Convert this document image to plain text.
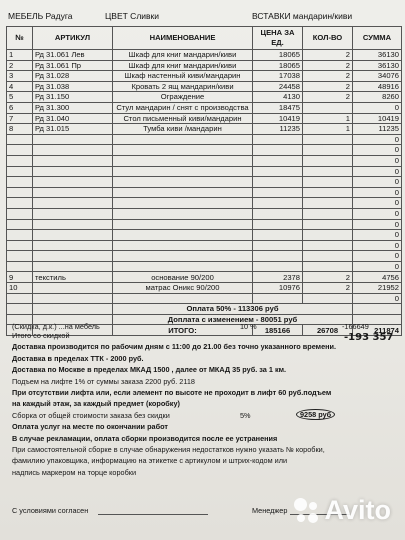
МЕБЕЛЬ Радуга	ЦВЕТ Сливки	ВСТАВКИ мандарин/киви
№	АРТИКУЛ	НАИМЕНОВАНИЕ	ЦЕНА ЗА ЕД.	КОЛ-ВО	СУММА
1	Рд 31.061 Лев	Шкаф для книг мандарин/киви	18065	2	36130
2	Рд 31.061 Пр	Шкаф для книг мандарин/киви	18065	2	36130
3	Рд 31.028	Шкаф настенный киви/мандарин	17038	2	34076
4	Рд 31.038	Кровать 2 ящ мандарин/киви	24458	2	48916
5	Рд 31.150	Ограждение	4130	2	8260
6	Рд 31.300	Стул мандарин / снят с производства	18475		0
7	Рд 31.040	Стол письменный киви/мандарин	10419	1	10419
8	Рд 31.015	Тумба киви /мандарин	11235	1	11235
					0
					0
					0
					0
					0
					0
					0
					0
					0
					0
					0
					0
					0
9	текстиль	основание 90/200	2378	2	4756
10		матрас Оникс 90/200	10976	2	21952
					0
		Оплата 50% - 113306 руб			
		Доплата с изменением - 80051 руб			
		ИТОГО:	185166	26708	211874
(Скидка, д.к.) ...на мебель	10 %	-166649
-193 357
Итого со скидкой
Доставка производится по рабочим дням с 11:00 до 21.00 без точно указанного времени.
Доставка в пределах ТТК - 2000 руб.
Доставка по Москве в пределах МКАД 1500 , далее от МКАД 35 руб. за 1 км.
Подъем на лифте 1% от суммы заказа 2200 руб. 2118
При отсутствии лифта или, если элемент по высоте не проходит в лифт 60 руб.подъем
на каждый этаж, за каждый предмет (коробку)
Сборка от общей стоимости заказа без скидки	5%	9258 руб
Оплата услуг на месте по окончании работ
В случае рекламации, оплата сборки производится после ее устранения
При самостоятельной сборке в случае обнаружения недостатков нужно указать № коробки,
фамилию упаковщика, информацию на этикетке с артикулом и штрих-кодом или
надпись маркером на торце коробки
С условиями согласен	Менеджер Avito
